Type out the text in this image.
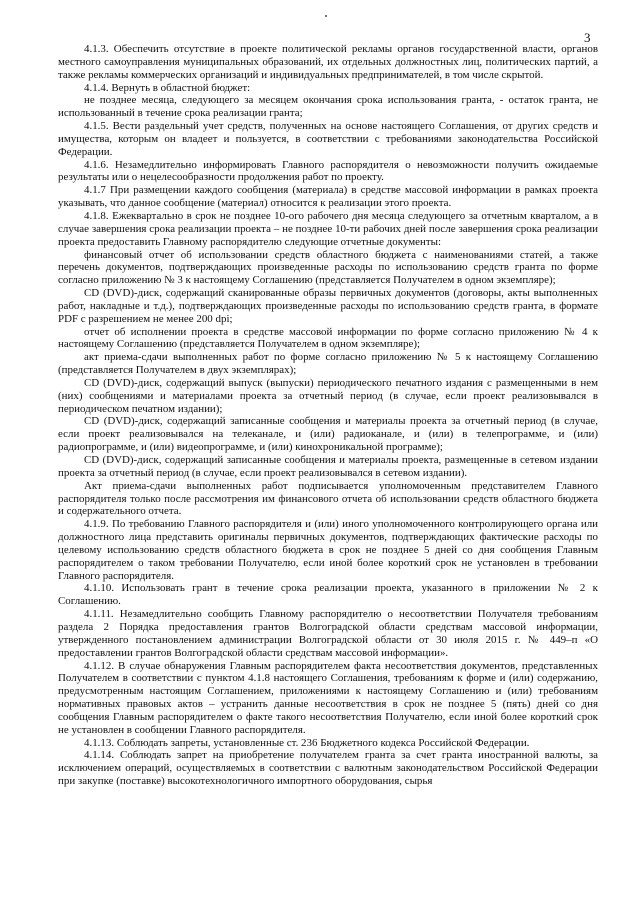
3

4.1.3. Обеспечить отсутствие в проекте политической рекламы органов государственной власти, органов местного самоуправления муниципальных образований, их отдельных должностных лиц, политических партий, а также рекламы коммерческих организаций и индивидуальных предпринимателей, в том числе скрытой.

4.1.4. Вернуть в областной бюджет:

не позднее месяца, следующего за месяцем окончания срока использования гранта, - остаток гранта, не использованный в течение срока реализации гранта;

4.1.5. Вести раздельный учет средств, полученных на основе настоящего Соглашения, от других средств и имущества, которым он владеет и пользуется, в соответствии с требованиями законодательства Российской Федерации.

4.1.6. Незамедлительно информировать Главного распорядителя о невозможности получить ожидаемые результаты или о нецелесообразности продолжения работ по проекту.

4.1.7 При размещении каждого сообщения (материала) в средстве массовой информации в рамках проекта указывать, что данное сообщение (материал) относится к реализации этого проекта.

4.1.8. Ежеквартально в срок не позднее 10-ого рабочего дня месяца следующего за отчетным кварталом, а в случае завершения срока реализации проекта – не позднее 10-ти рабочих дней после завершения срока реализации проекта предоставить Главному распорядителю следующие отчетные документы:

финансовый отчет об использовании средств областного бюджета с наименованиями статей, а также перечень документов, подтверждающих произведенные расходы по использованию средств гранта по форме согласно приложению № 3 к настоящему Соглашению (представляется Получателем в одном экземпляре);

CD (DVD)-диск, содержащий сканированные образы первичных документов (договоры, акты выполненных работ, накладные и т.д.), подтверждающих произведенные расходы по использованию средств гранта, в формате PDF с разрешением не менее 200 dpi;

отчет об исполнении проекта в средстве массовой информации по форме согласно приложению № 4 к настоящему Соглашению (представляется Получателем в одном экземпляре);

акт приема-сдачи выполненных работ по форме согласно приложению № 5 к настоящему Соглашению (представляется Получателем в двух экземплярах);

CD (DVD)-диск, содержащий выпуск (выпуски) периодического печатного издания с размещенными в нем (них) сообщениями и материалами проекта за отчетный период (в случае, если проект реализовывался в периодическом печатном издании);

CD (DVD)-диск, содержащий записанные сообщения и материалы проекта за отчетный период (в случае, если проект реализовывался на телеканале, и (или) радиоканале, и (или) в телепрограмме, и (или) радиопрограмме, и (или) видеопрограмме, и (или) кинохроникальной программе);

CD (DVD)-диск, содержащий записанные сообщения и материалы проекта, размещенные в сетевом издании проекта за отчетный период (в случае, если проект реализовывался в сетевом издании).

Акт приема-сдачи выполненных работ подписывается уполномоченным представителем Главного распорядителя только после рассмотрения им финансового отчета об использовании средств областного бюджета и содержательного отчета.

4.1.9. По требованию Главного распорядителя и (или) иного уполномоченного контролирующего органа или должностного лица представить оригиналы первичных документов, подтверждающих фактические расходы по целевому использованию средств областного бюджета в срок не позднее 5 дней со дня сообщения Главным распорядителем о таком требовании Получателю, если иной более короткий срок не установлен в требовании Главного распорядителя.

4.1.10. Использовать грант в течение срока реализации проекта, указанного в приложении № 2 к Соглашению.

4.1.11. Незамедлительно сообщить Главному распорядителю о несоответствии Получателя требованиям раздела 2 Порядка предоставления грантов Волгоградской области средствам массовой информации, утвержденного постановлением администрации Волгоградской области от 30 июля 2015 г. № 449–п «О предоставлении грантов Волгоградской области средствам массовой информации».

4.1.12. В случае обнаружения Главным распорядителем факта несоответствия документов, представленных Получателем в соответствии с пунктом 4.1.8 настоящего Соглашения, требованиям к форме и (или) содержанию, предусмотренным настоящим Соглашением, приложениями к настоящему Соглашению и (или) требованиям нормативных правовых актов – устранить данные несоответствия в срок не позднее 5 (пять) дней со дня сообщения Главным распорядителем о факте такого несоответствия Получателю, если иной более короткий срок не установлен в сообщении Главного распорядителя.

4.1.13. Соблюдать запреты, установленные ст. 236 Бюджетного кодекса Российской Федерации.

4.1.14. Соблюдать запрет на приобретение получателем гранта за счет гранта иностранной валюты, за исключением операций, осуществляемых в соответствии с валютным законодательством Российской Федерации при закупке (поставке) высокотехнологичного импортного оборудования, сырья
